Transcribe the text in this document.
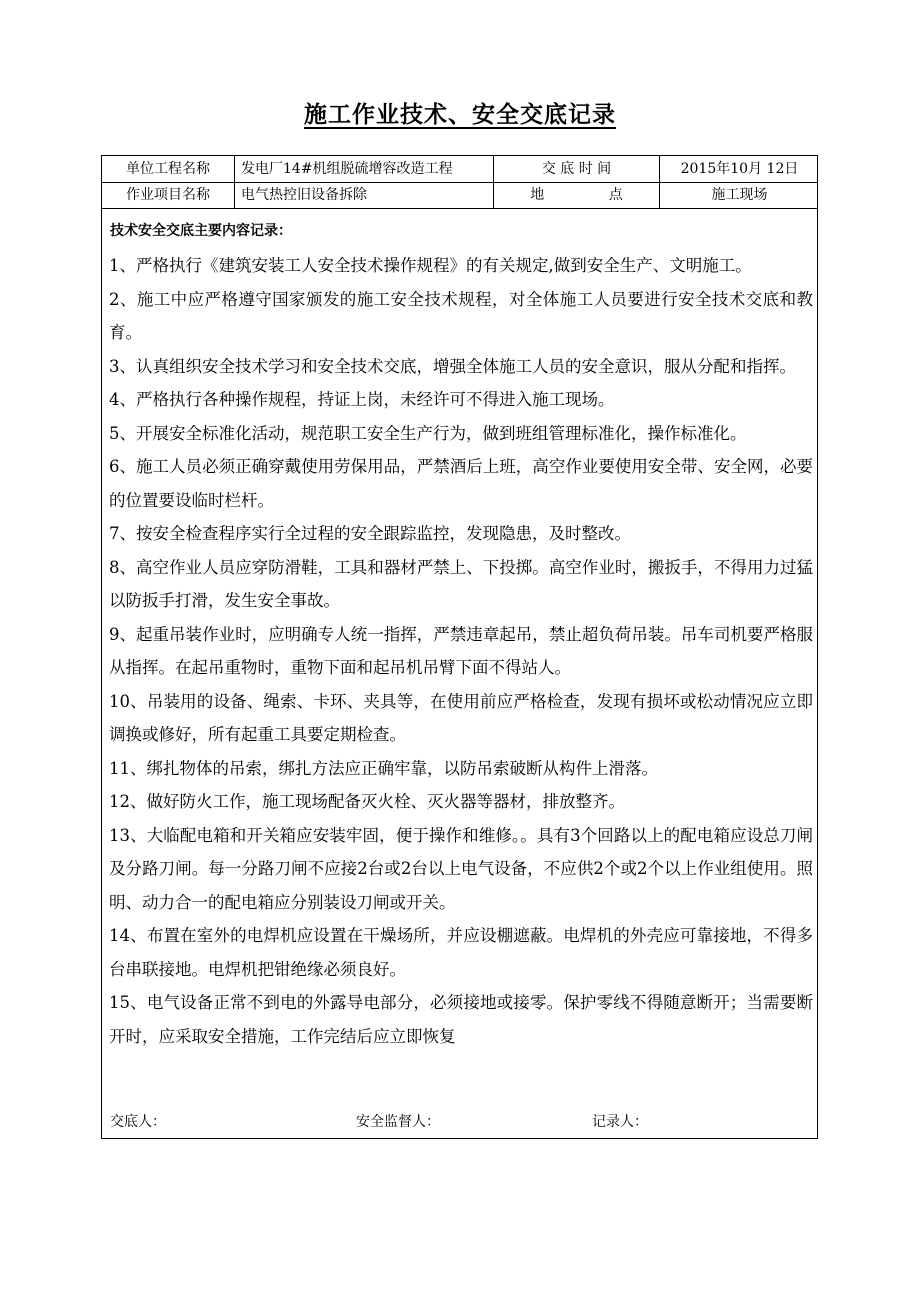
施工作业技术、安全交底记录
单位工程名称	发电厂14#机组脱硫增容改造工程	交 底 时 间	2015年10月 12日
作业项目名称	电气热控旧设备拆除	地 点	施工现场
技术安全交底主要内容记录：
1、严格执行《建筑安装工人安全技术操作规程》的有关规定,做到安全生产、文明施工。
2、施工中应严格遵守国家颁发的施工安全技术规程，对全体施工人员要进行安全技术交底和教育。
3、认真组织安全技术学习和安全技术交底，增强全体施工人员的安全意识，服从分配和指挥。
4、严格执行各种操作规程，持证上岗，未经许可不得进入施工现场。
5、开展安全标准化活动，规范职工安全生产行为，做到班组管理标准化，操作标准化。
6、施工人员必须正确穿戴使用劳保用品，严禁酒后上班，高空作业要使用安全带、安全网，必要的位置要设临时栏杆。
7、按安全检查程序实行全过程的安全跟踪监控，发现隐患，及时整改。
8、高空作业人员应穿防滑鞋，工具和器材严禁上、下投掷。高空作业时，搬扳手，不得用力过猛以防扳手打滑，发生安全事故。
9、起重吊装作业时，应明确专人统一指挥，严禁违章起吊，禁止超负荷吊装。吊车司机要严格服从指挥。在起吊重物时，重物下面和起吊机吊臂下面不得站人。
10、吊装用的设备、绳索、卡环、夹具等，在使用前应严格检查，发现有损坏或松动情况应立即调换或修好，所有起重工具要定期检查。
11、绑扎物体的吊索，绑扎方法应正确牢靠，以防吊索破断从构件上滑落。
12、做好防火工作，施工现场配备灭火栓、灭火器等器材，排放整齐。
13、大临配电箱和开关箱应安装牢固，便于操作和维修。。具有3个回路以上的配电箱应设总刀闸及分路刀闸。每一分路刀闸不应接2台或2台以上电气设备，不应供2个或2个以上作业组使用。照明、动力合一的配电箱应分别装设刀闸或开关。
14、布置在室外的电焊机应设置在干燥场所，并应设棚遮蔽。电焊机的外壳应可靠接地，不得多台串联接地。电焊机把钳绝缘必须良好。
15、电气设备正常不到电的外露导电部分，必须接地或接零。保护零线不得随意断开；当需要断开时，应采取安全措施，工作完结后应立即恢复
交底人：	安全监督人：	记录人：
